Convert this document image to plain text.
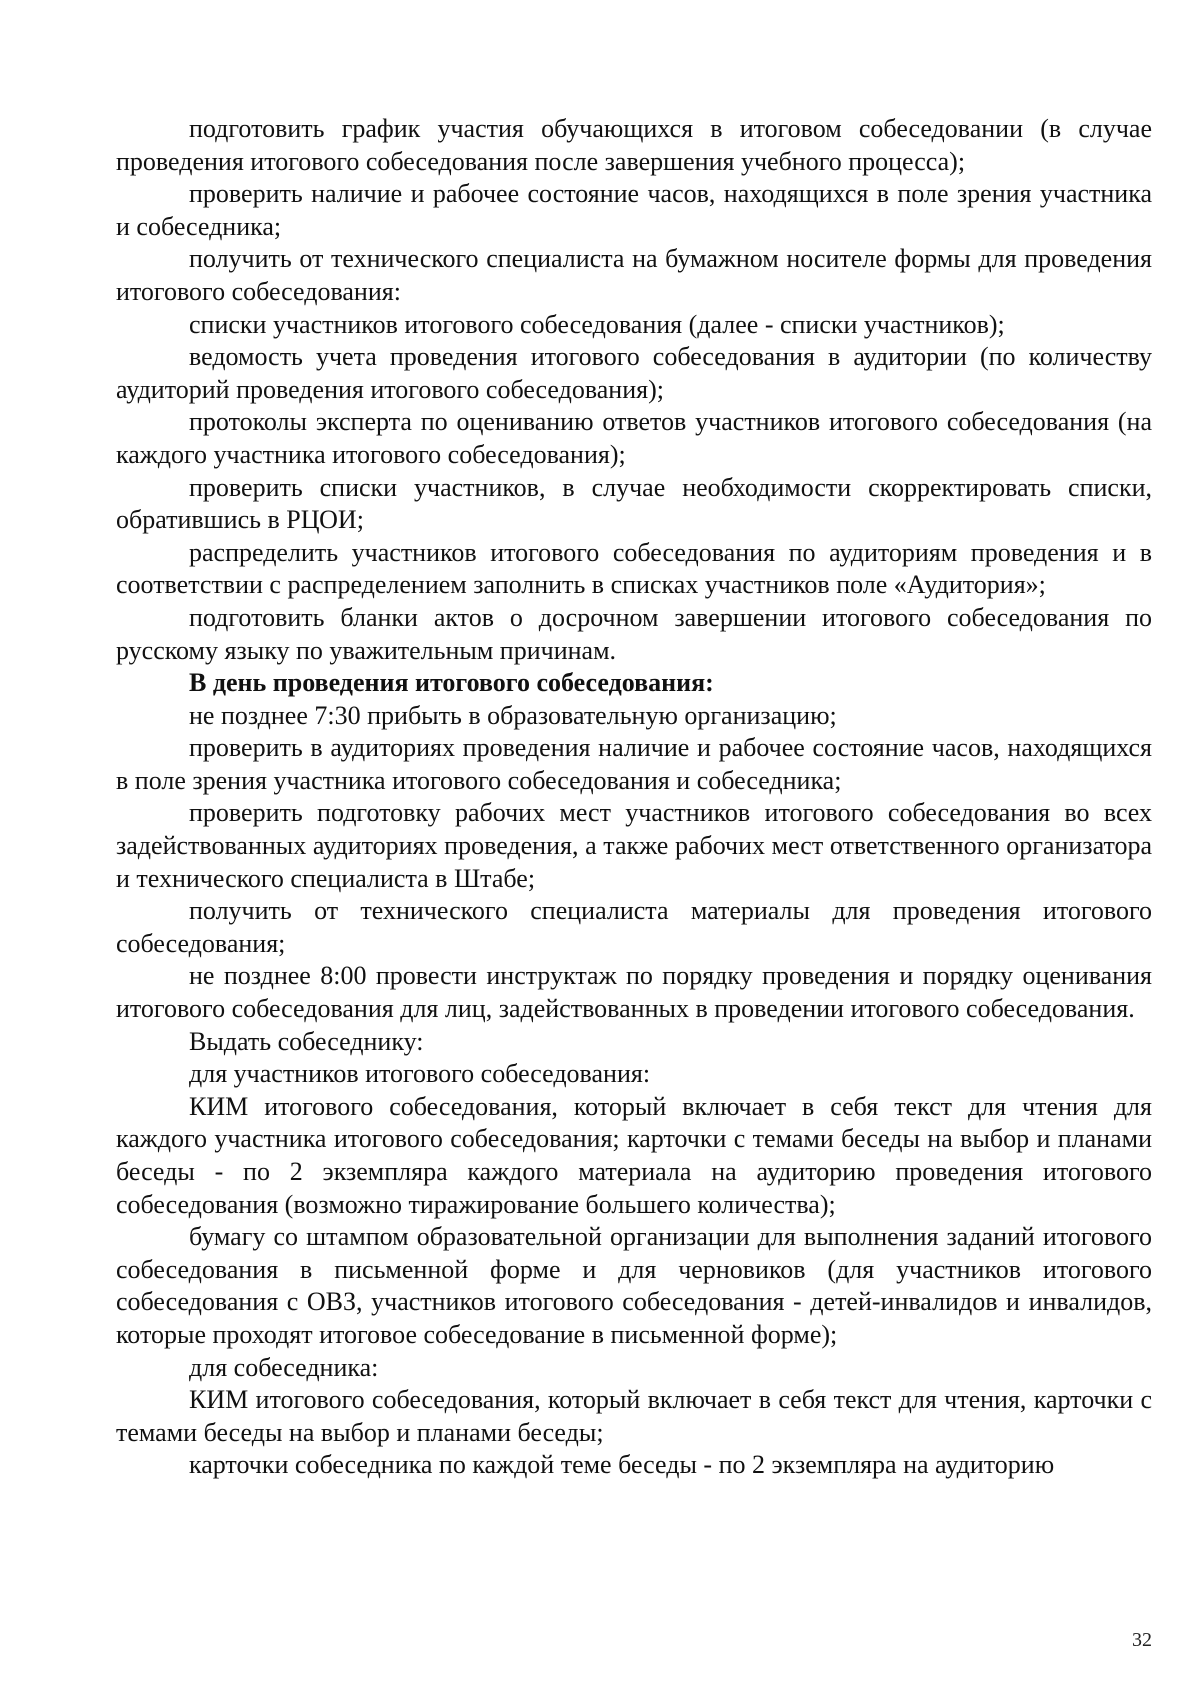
подготовить график участия обучающихся в итоговом собеседовании (в случае проведения итогового собеседования после завершения учебного процесса);

проверить наличие и рабочее состояние часов, находящихся в поле зрения участника и собеседника;

получить от технического специалиста на бумажном носителе формы для проведения итогового собеседования:

списки участников итогового собеседования (далее - списки участников);

ведомость учета проведения итогового собеседования в аудитории (по количеству аудиторий проведения итогового собеседования);

протоколы эксперта по оцениванию ответов участников итогового собеседования (на каждого участника итогового собеседования);

проверить списки участников, в случае необходимости скорректировать списки, обратившись в РЦОИ;

распределить участников итогового собеседования по аудиториям проведения и в соответствии с распределением заполнить в списках участников поле «Аудитория»;

подготовить бланки актов о досрочном завершении итогового собеседования по русскому языку по уважительным причинам.

В день проведения итогового собеседования:

не позднее 7:30 прибыть в образовательную организацию;

проверить в аудиториях проведения наличие и рабочее состояние часов, находящихся в поле зрения участника итогового собеседования и собеседника;

проверить подготовку рабочих мест участников итогового собеседования во всех задействованных аудиториях проведения, а также рабочих мест ответственного организатора и технического специалиста в Штабе;

получить от технического специалиста материалы для проведения итогового собеседования;

не позднее 8:00 провести инструктаж по порядку проведения и порядку оценивания итогового собеседования для лиц, задействованных в проведении итогового собеседования.

Выдать собеседнику:

для участников итогового собеседования:

КИМ итогового собеседования, который включает в себя текст для чтения для каждого участника итогового собеседования; карточки с темами беседы на выбор и планами беседы - по 2 экземпляра каждого материала на аудиторию проведения итогового собеседования (возможно тиражирование большего количества);

бумагу со штампом образовательной организации для выполнения заданий итогового собеседования в письменной форме и для черновиков (для участников итогового собеседования с ОВЗ, участников итогового собеседования - детей-инвалидов и инвалидов, которые проходят итоговое собеседование в письменной форме);

для собеседника:

КИМ итогового собеседования, который включает в себя текст для чтения, карточки с темами беседы на выбор и планами беседы;

карточки собеседника по каждой теме беседы - по 2 экземпляра на аудиторию

32
